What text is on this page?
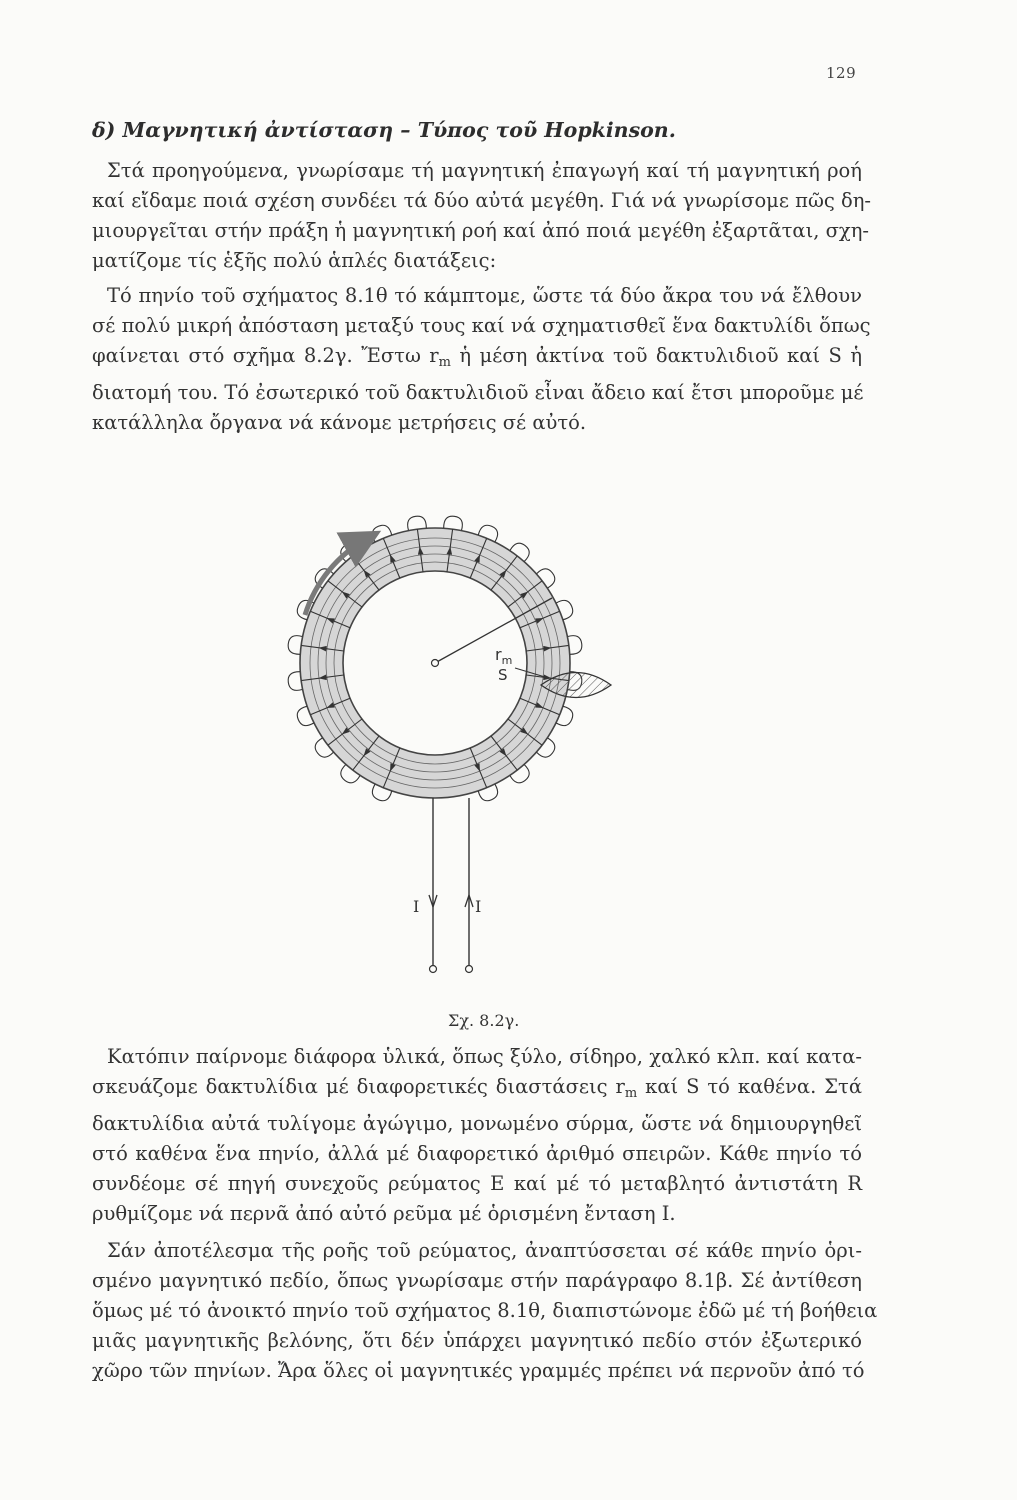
129
δ) Μαγνητική ἀντίσταση – Τύπος τοῦ Hopkinson.

Στά προηγούμενα, γνωρίσαμε τή μαγνητική ἐπαγωγή καί τή μαγνητική ροή
καί εἴδαμε ποιά σχέση συνδέει τά δύο αὐτά μεγέθη. Γιά νά γνωρίσομε πῶς δη-
μιουργεῖται στήν πράξη ἡ μαγνητική ροή καί ἀπό ποιά μεγέθη ἐξαρτᾶται, σχη-
ματίζομε τίς ἑξῆς πολύ ἁπλές διατάξεις:

Τό πηνίο τοῦ σχήματος 8.1θ τό κάμπτομε, ὥστε τά δύο ἄκρα του νά ἔλθουν
σέ πολύ μικρή ἀπόσταση μεταξύ τους καί νά σχηματισθεῖ ἕνα δακτυλίδι ὅπως
φαίνεται στό σχῆμα 8.2γ. Ἔστω $r_m$ ἡ μέση ἀκτίνα τοῦ δακτυλιδιοῦ καί S ἡ
διατομή του. Τό ἐσωτερικό τοῦ δακτυλιδιοῦ εἶναι ἄδειο καί ἔτσι μποροῦμε μέ
κατάλληλα ὄργανα νά κάνομε μετρήσεις σέ αὐτό.

$r_m$
S
I	I
Σχ. 8.2γ.

Κατόπιν παίρνομε διάφορα ὑλικά, ὅπως ξύλο, σίδηρο, χαλκό κλπ. καί κατα-
σκευάζομε δακτυλίδια μέ διαφορετικές διαστάσεις $r_m$ καί S τό καθένα. Στά
δακτυλίδια αὐτά τυλίγομε ἀγώγιμο, μονωμένο σύρμα, ὥστε νά δημιουργηθεῖ
στό καθένα ἕνα πηνίο, ἀλλά μέ διαφορετικό ἀριθμό σπειρῶν. Κάθε πηνίο τό
συνδέομε σέ πηγή συνεχοῦς ρεύματος E καί μέ τό μεταβλητό ἀντιστάτη R
ρυθμίζομε νά περνᾶ ἀπό αὐτό ρεῦμα μέ ὁρισμένη ἔνταση I.

Σάν ἀποτέλεσμα τῆς ροῆς τοῦ ρεύματος, ἀναπτύσσεται σέ κάθε πηνίο ὁρι-
σμένο μαγνητικό πεδίο, ὅπως γνωρίσαμε στήν παράγραφο 8.1β. Σέ ἀντίθεση
ὅμως μέ τό ἀνοικτό πηνίο τοῦ σχήματος 8.1θ, διαπιστώνομε ἐδῶ μέ τή βοήθεια
μιᾶς μαγνητικῆς βελόνης, ὅτι δέν ὑπάρχει μαγνητικό πεδίο στόν ἐξωτερικό
χῶρο τῶν πηνίων. Ἄρα ὅλες οἱ μαγνητικές γραμμές πρέπει νά περνοῦν ἀπό τό
